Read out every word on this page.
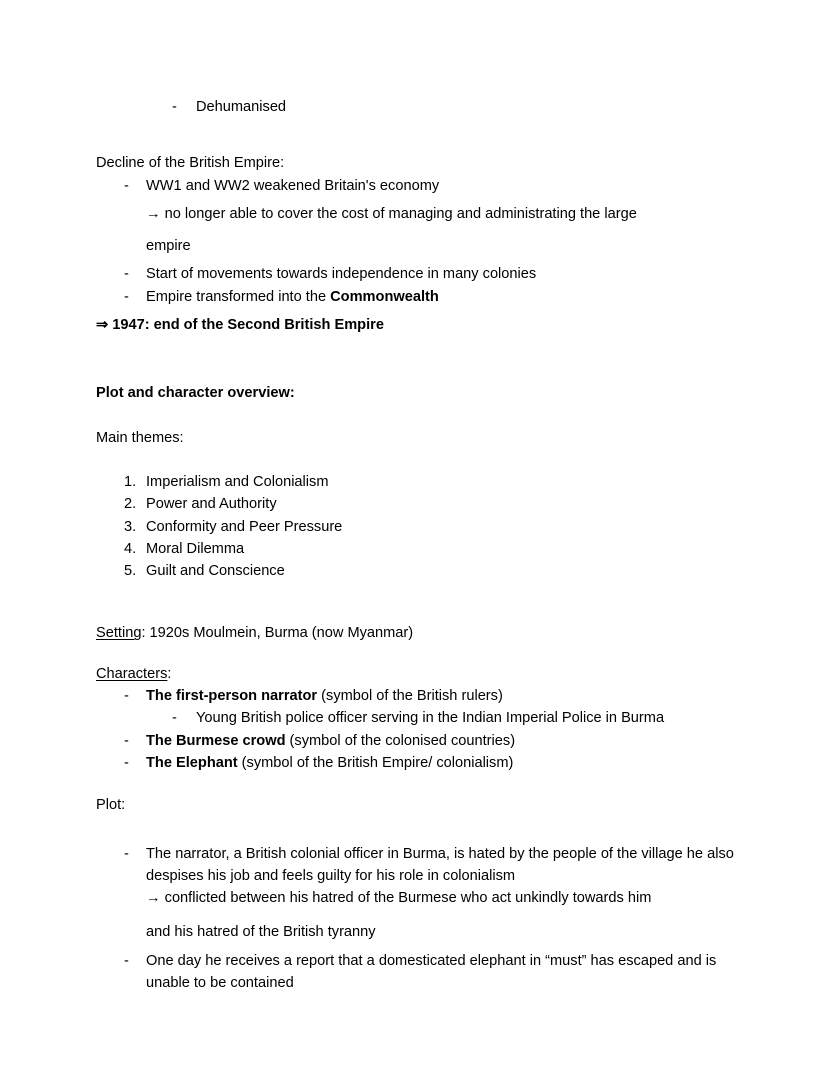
- Dehumanised
Decline of the British Empire:
- WW1 and WW2 weakened Britain's economy
→ no longer able to cover the cost of managing and administrating the large
empire
- Start of movements towards independence in many colonies
- Empire transformed into the Commonwealth
⇒ 1947: end of the Second British Empire
Plot and character overview:
Main themes:
1. Imperialism and Colonialism
2. Power and Authority
3. Conformity and Peer Pressure
4. Moral Dilemma
5. Guilt and Conscience
Setting: 1920s Moulmein, Burma (now Myanmar)
Characters:
- The first-person narrator (symbol of the British rulers)
- Young British police officer serving in the Indian Imperial Police in Burma
- The Burmese crowd (symbol of the colonised countries)
- The Elephant (symbol of the British Empire/ colonialism)
Plot:
- The narrator, a British colonial officer in Burma, is hated by the people of the village he also despises his job and feels guilty for his role in colonialism
→ conflicted between his hatred of the Burmese who act unkindly towards him
and his hatred of the British tyranny
- One day he receives a report that a domesticated elephant in “must” has escaped and is unable to be contained
